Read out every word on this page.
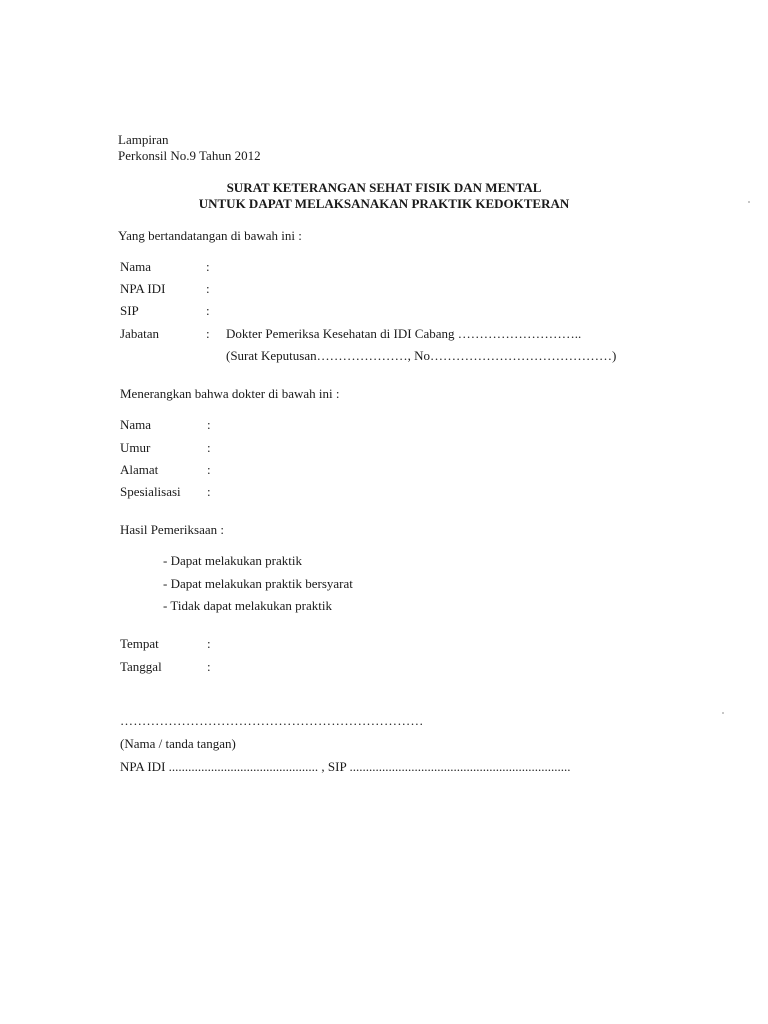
Lampiran
Perkonsil No.9 Tahun 2012
SURAT KETERANGAN SEHAT FISIK DAN MENTAL
UNTUK DAPAT MELAKSANAKAN PRAKTIK KEDOKTERAN
Yang bertandatangan di bawah ini :
Nama	:
NPA IDI	:
SIP	:
Jabatan	: Dokter Pemeriksa Kesehatan di IDI Cabang ………………………..
(Surat Keputusan…………………, No……………………………………)
Menerangkan bahwa dokter di bawah ini :
Nama	:
Umur	:
Alamat	:
Spesialisasi :
Hasil Pemeriksaan :
- Dapat melakukan praktik
- Dapat melakukan praktik bersyarat
- Tidak dapat melakukan praktik
Tempat	:
Tanggal	:
……………………………………………………………
(Nama / tanda tangan)
NPA IDI .............................................. , SIP ....................................................................
